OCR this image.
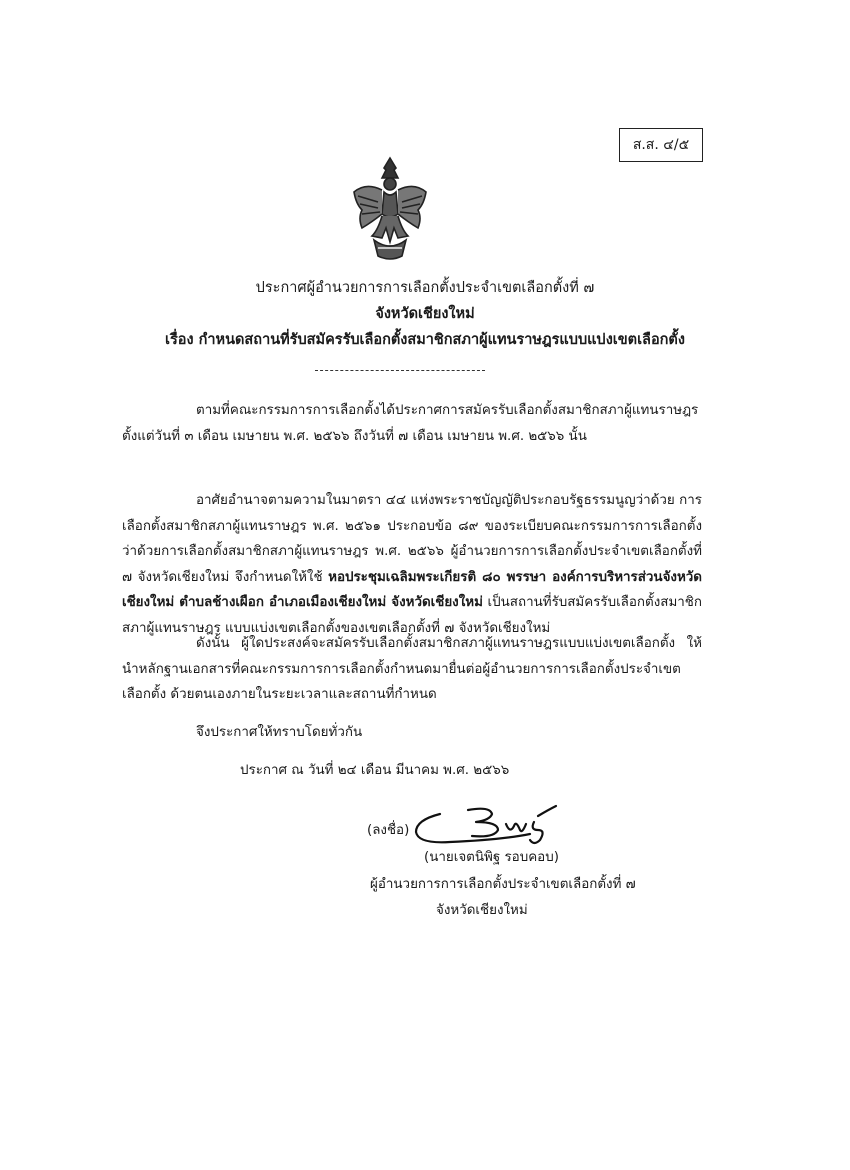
ส.ส. ๔/๕
ประกาศผู้อำนวยการการเลือกตั้งประจำเขตเลือกตั้งที่ ๗
จังหวัดเชียงใหม่
เรื่อง กำหนดสถานที่รับสมัครรับเลือกตั้งสมาชิกสภาผู้แทนราษฎรแบบแบ่งเขตเลือกตั้ง

ตามที่คณะกรรมการการเลือกตั้งได้ประกาศการสมัครรับเลือกตั้งสมาชิกสภาผู้แทนราษฎร ตั้งแต่วันที่ ๓ เดือน เมษายน พ.ศ. ๒๕๖๖ ถึงวันที่ ๗ เดือน เมษายน พ.ศ. ๒๕๖๖ นั้น

อาศัยอำนาจตามความในมาตรา ๔๔ แห่งพระราชบัญญัติประกอบรัฐธรรมนูญว่าด้วย การเลือกตั้งสมาชิกสภาผู้แทนราษฎร พ.ศ. ๒๕๖๑ ประกอบข้อ ๘๙ ของระเบียบคณะกรรมการการเลือกตั้ง ว่าด้วยการเลือกตั้งสมาชิกสภาผู้แทนราษฎร พ.ศ. ๒๕๖๖ ผู้อำนวยการการเลือกตั้งประจำเขตเลือกตั้งที่ ๗ จังหวัดเชียงใหม่ จึงกำหนดให้ใช้ หอประชุมเฉลิมพระเกียรติ ๘๐ พรรษา องค์การบริหารส่วนจังหวัดเชียงใหม่ ตำบลช้างเผือก อำเภอเมืองเชียงใหม่ จังหวัดเชียงใหม่ เป็นสถานที่รับสมัครรับเลือกตั้งสมาชิกสภาผู้แทนราษฎร แบบแบ่งเขตเลือกตั้งของเขตเลือกตั้งที่ ๗ จังหวัดเชียงใหม่

ดังนั้น ผู้ใดประสงค์จะสมัครรับเลือกตั้งสมาชิกสภาผู้แทนราษฎรแบบแบ่งเขตเลือกตั้ง ให้นำหลักฐานเอกสารที่คณะกรรมการการเลือกตั้งกำหนดมายื่นต่อผู้อำนวยการการเลือกตั้งประจำเขตเลือกตั้ง ด้วยตนเองภายในระยะเวลาและสถานที่กำหนด

จึงประกาศให้ทราบโดยทั่วกัน

ประกาศ ณ วันที่ ๒๔ เดือน มีนาคม พ.ศ. ๒๕๖๖

(ลงชื่อ)
(นายเจตนิพิฐ รอบคอบ)
ผู้อำนวยการการเลือกตั้งประจำเขตเลือกตั้งที่ ๗
จังหวัดเชียงใหม่
